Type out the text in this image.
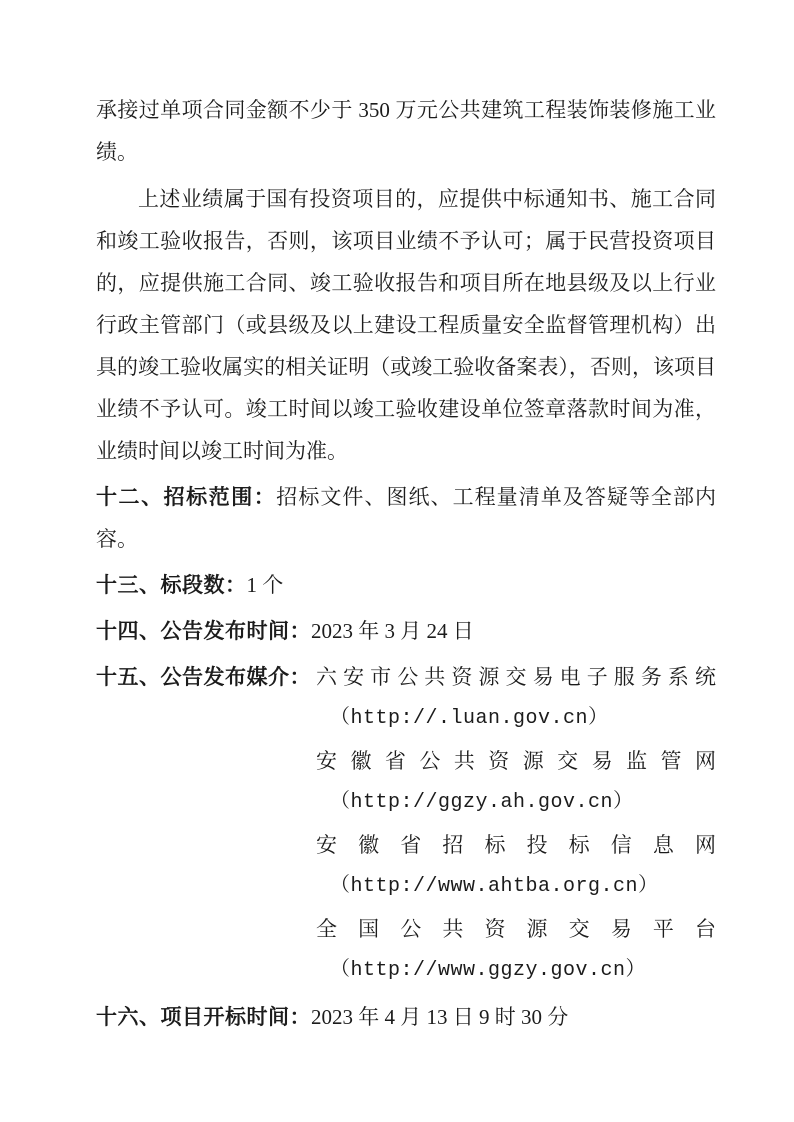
承接过单项合同金额不少于 350 万元公共建筑工程装饰装修施工业绩。

上述业绩属于国有投资项目的，应提供中标通知书、施工合同和竣工验收报告，否则，该项目业绩不予认可；属于民营投资项目的，应提供施工合同、竣工验收报告和项目所在地县级及以上行业行政主管部门（或县级及以上建设工程质量安全监督管理机构）出具的竣工验收属实的相关证明（或竣工验收备案表），否则，该项目业绩不予认可。竣工时间以竣工验收建设单位签章落款时间为准，业绩时间以竣工时间为准。

十二、招标范围：招标文件、图纸、工程量清单及答疑等全部内容。

十三、标段数：1 个

十四、公告发布时间：2023 年 3 月 24 日

十五、公告发布媒介： 六安市公共资源交易电子服务系统
（http://.luan.gov.cn）
安徽省公共资源交易监管网
（http://ggzy.ah.gov.cn）
安徽省招标投标信息网
（http://www.ahtba.org.cn）
全国公共资源交易平台
（http://www.ggzy.gov.cn）

十六、项目开标时间：2023 年 4 月 13 日 9 时 30 分
